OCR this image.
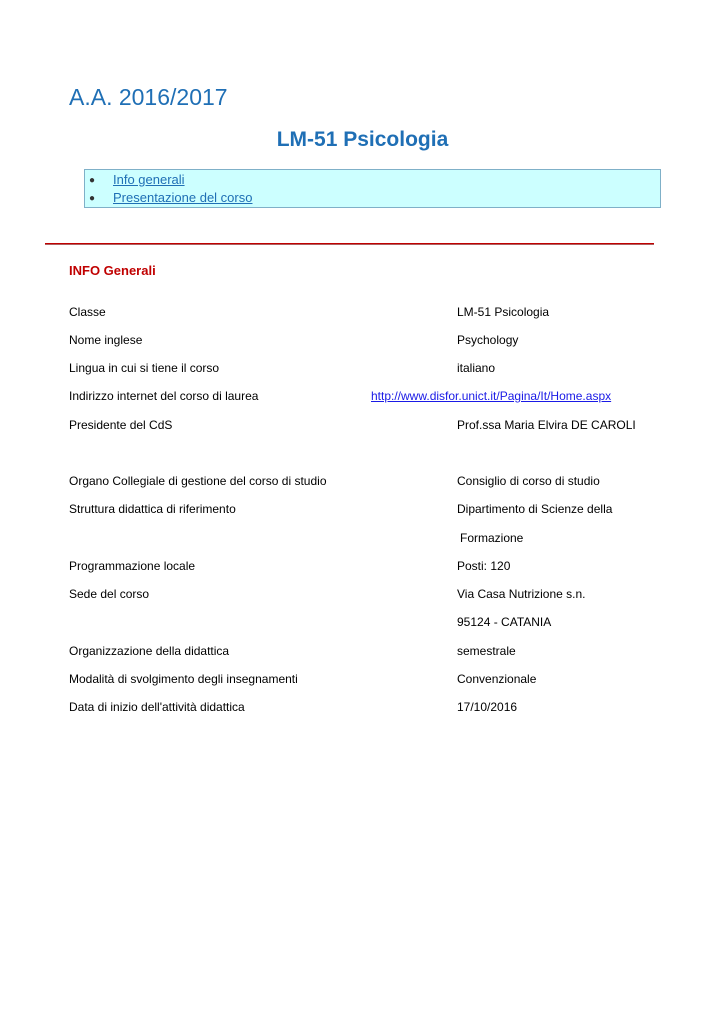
A.A. 2016/2017
LM-51 Psicologia
● Info generali
● Presentazione del corso
INFO Generali
Classe	LM-51 Psicologia
Nome inglese	Psychology
Lingua in cui si tiene il corso	italiano
Indirizzo internet del corso di laurea	http://www.disfor.unict.it/Pagina/It/Home.aspx
Presidente del CdS	Prof.ssa Maria Elvira DE CAROLI
Organo Collegiale di gestione del corso di studio	Consiglio di corso di studio
Struttura didattica di riferimento	Dipartimento di Scienze della
Formazione
Programmazione locale	Posti: 120
Sede del corso	Via Casa Nutrizione s.n.
95124 - CATANIA
Organizzazione della didattica	semestrale
Modalità di svolgimento degli insegnamenti	Convenzionale
Data di inizio dell'attività didattica	17/10/2016
